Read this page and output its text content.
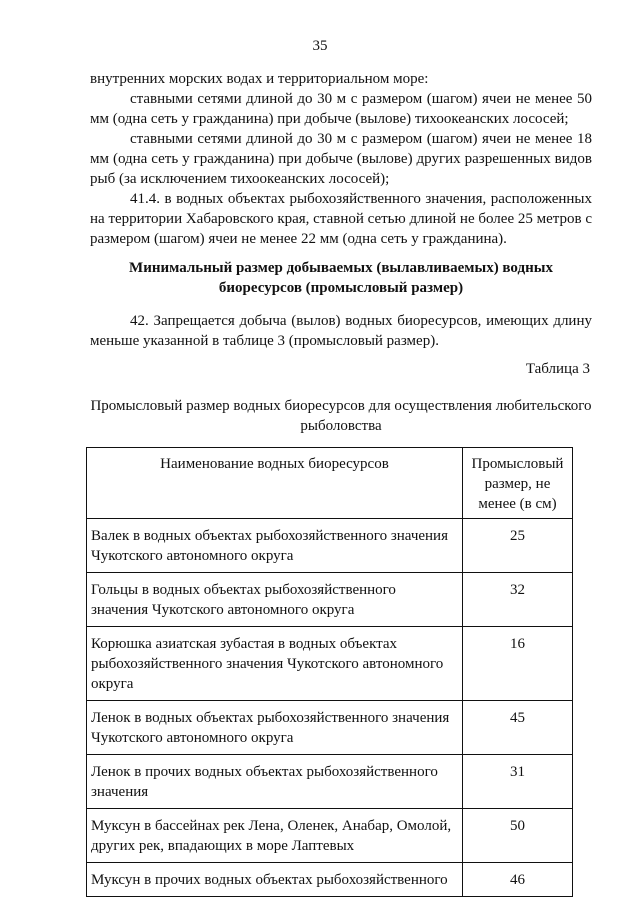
35
внутренних морских водах и территориальном море:
ставными сетями длиной до 30 м с размером (шагом) ячеи не менее 50 мм (одна сеть у гражданина) при добыче (вылове) тихоокеанских лососей;
ставными сетями длиной до 30 м с размером (шагом) ячеи не менее 18 мм (одна сеть у гражданина) при добыче (вылове) других разрешенных видов рыб (за исключением тихоокеанских лососей);
41.4. в водных объектах рыбохозяйственного значения, расположенных на территории Хабаровского края, ставной сетью длиной не более 25 метров с размером (шагом) ячеи не менее 22 мм (одна сеть у гражданина).
Минимальный размер добываемых (вылавливаемых) водных биоресурсов (промысловый размер)
42. Запрещается добыча (вылов) водных биоресурсов, имеющих длину меньше указанной в таблице 3 (промысловый размер).
Таблица 3
Промысловый размер водных биоресурсов для осуществления любительского рыболовства
Наименование водных биоресурсов	Промысловый размер, не менее (в см)
Валек в водных объектах рыбохозяйственного значения Чукотского автономного округа	25
Гольцы в водных объектах рыбохозяйственного значения Чукотского автономного округа	32
Корюшка азиатская зубастая в водных объектах рыбохозяйственного значения Чукотского автономного округа	16
Ленок в водных объектах рыбохозяйственного значения Чукотского автономного округа	45
Ленок в прочих водных объектах рыбохозяйственного значения	31
Муксун в бассейнах рек Лена, Оленек, Анабар, Омолой, других рек, впадающих в море Лаптевых	50
Муксун в прочих водных объектах рыбохозяйственного	46
